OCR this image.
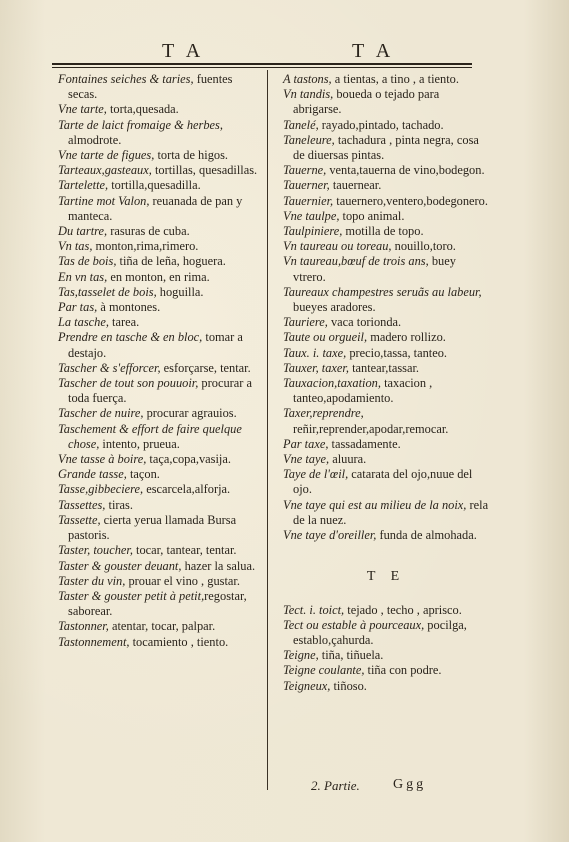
T A	T A

Fontaines seiches & taries, fuentes secas.

Vne tarte, torta,quesada.

Tarte de laict fromaige & herbes, almodrote.

Vne tarte de figues, torta de higos.

Tarteaux,gasteaux, tortillas, quesadillas.

Tartelette, tortilla,quesadilla.

Tartine mot Valon, reuanada de pan y manteca.

Du tartre, rasuras de cuba.

Vn tas, monton,rima,rimero.

Tas de bois, tiña de leña, hoguera.

En vn tas, en monton, en rima.

Tas,tasselet de bois, hoguilla.

Par tas, à montones.

La tasche, tarea.

Prendre en tasche & en bloc, tomar a destajo.

Tascher & s'efforcer, esforçarse, tentar.

Tascher de tout son pouuoir, procurar a toda fuerça.

Tascher de nuire, procurar agrauios.

Taschement & effort de faire quelque chose, intento, prueua.

Vne tasse à boire, taça,copa,vasija.

Grande tasse, taçon.

Tasse,gibbeciere, escarcela,alforja.

Tassettes, tiras.

Tassette, cierta yerua llamada Bursa pastoris.

Taster, toucher, tocar, tantear, tentar.

Taster & gouster deuant, hazer la salua.

Taster du vin, prouar el vino , gustar.

Taster & gouster petit à petit,regostar, saborear.

Tastonner, atentar, tocar, palpar.

Tastonnement, tocamiento , tiento.

A tastons, a tientas, a tino , a tiento.

Vn tandis, boueda o tejado para abrigarse.

Tanelé, rayado,pintado, tachado.

Taneleure, tachadura , pinta negra, cosa de diuersas pintas.

Tauerne, venta,tauerna de vino,bodegon.

Tauerner, tauernear.

Tauernier, tauernero,ventero,bodegonero.

Vne taulpe, topo animal.

Taulpiniere, motilla de topo.

Vn taureau ou toreau, nouillo,toro.

Vn taureau,bœuf de trois ans, buey vtrero.

Taureaux champestres seruãs au labeur, bueyes aradores.

Tauriere, vaca torionda.

Taute ou orgueil, madero rollizo.

Taux. i. taxe, precio,tassa, tanteo.

Tauxer, taxer, tantear,tassar.

Tauxacion,taxation, taxacion , tanteo,apodamiento.

Taxer,reprendre, reñir,reprender,apodar,remocar.

Par taxe, tassadamente.

Vne taye, aluura.

Taye de l'œil, catarata del ojo,nuue del ojo.

Vne taye qui est au milieu de la noix, rela de la nuez.

Vne taye d'oreiller, funda de almohada.

T E

Tect. i. toict, tejado , techo , aprisco.

Tect ou estable à pourceaux, pocilga, establo,çahurda.

Teigne, tiña, tiñuela.

Teigne coulante, tiña con podre.

Teigneux, tiñoso.

2. Partie. Ggg
